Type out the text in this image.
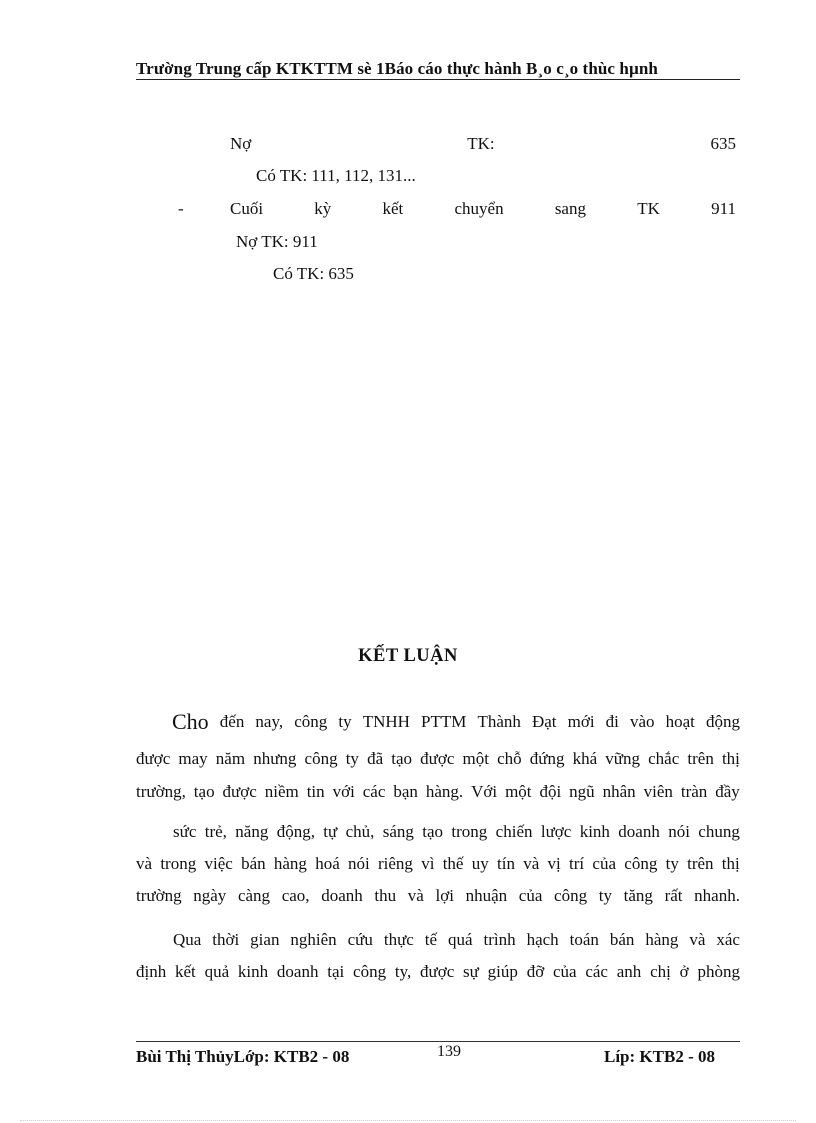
Trường Trung cấp KTKTTM sè 1Báo cáo thực hành B¸o c¸o thùc hµnh
Nợ	TK:	635
Có TK: 111, 112, 131...
-	Cuối	kỳ	kết	chuyển	sang	TK	911
Nợ TK: 911
Có TK: 635
KẾT LUẬN
Cho đến nay, công ty TNHH PTTM Thành Đạt mới đi vào hoạt động
được may năm nhưng công ty đã tạo được một chỗ đứng khá vững chắc trên thị
trường, tạo được niềm tin với các bạn hàng. Với một đội ngũ nhân viên tràn đầy
sức trẻ, năng động, tự chủ, sáng tạo trong chiến lược kinh doanh nói chung
và trong việc bán hàng hoá nói riêng vì thế uy tín và vị trí của công ty trên thị
trường ngày càng cao, doanh thu và lợi nhuận của công ty tăng rất nhanh.
Qua thời gian nghiên cứu thực tế quá trình hạch toán bán hàng và xác
định kết quả kinh doanh tại công ty, được sự giúp đỡ của các anh chị ở phòng
Bùi Thị ThủyLớp: KTB2 - 08	139	Líp: KTB2 - 08
